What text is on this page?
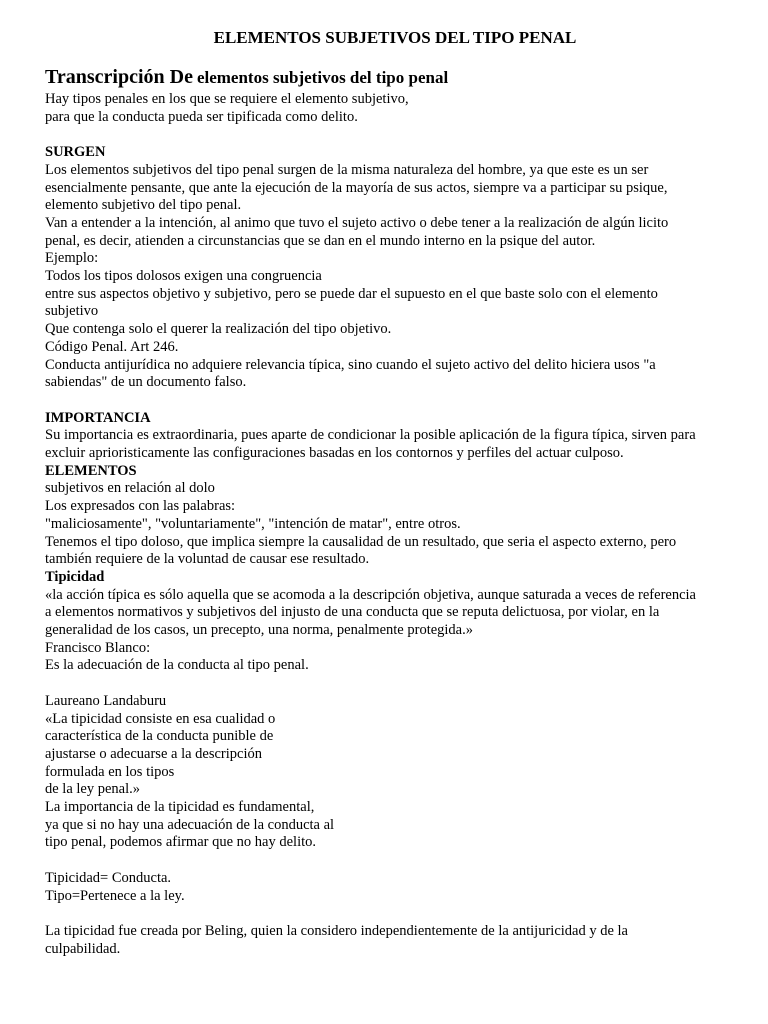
ELEMENTOS SUBJETIVOS DEL TIPO PENAL
Transcripción De elementos subjetivos del tipo penal

Hay tipos penales en los que se requiere el elemento subjetivo,

para que la conducta pueda ser tipificada como delito.

SURGEN

Los elementos subjetivos del tipo penal surgen de la misma naturaleza del hombre, ya que este es un ser

esencialmente pensante, que ante la ejecución de la mayoría de sus actos, siempre va a participar su psique,

elemento subjetivo del tipo penal.

Van a entender a la intención, al animo que tuvo el sujeto activo o debe tener a la realización de algún licito

penal, es decir, atienden a circunstancias que se dan en el mundo interno en la psique del autor.

Ejemplo:

Todos los tipos dolosos exigen una congruencia

entre sus aspectos objetivo y subjetivo, pero se puede dar el supuesto en el que baste solo con el elemento

subjetivo

Que contenga solo el querer la realización del tipo objetivo.

Código Penal. Art 246.

Conducta antijurídica no adquiere relevancia típica, sino cuando el sujeto activo del delito hiciera usos "a

sabiendas" de un documento falso.

IMPORTANCIA

Su importancia es extraordinaria, pues aparte de condicionar la posible aplicación de la figura típica, sirven para

excluir aprioristicamente las configuraciones basadas en los contornos y perfiles del actuar culposo.

ELEMENTOS

subjetivos en relación al dolo

Los expresados con las palabras:

"maliciosamente", "voluntariamente", "intención de matar", entre otros.

Tenemos el tipo doloso, que implica siempre la causalidad de un resultado, que seria el aspecto externo, pero

también requiere de la voluntad de causar ese resultado.

Tipicidad

«la acción típica es sólo aquella que se acomoda a la descripción objetiva, aunque saturada a veces de referencia

a elementos normativos y subjetivos del injusto de una conducta que se reputa delictuosa, por violar, en la

generalidad de los casos, un precepto, una norma, penalmente protegida.»

Francisco Blanco:

Es la adecuación de la conducta al tipo penal.

Laureano Landaburu

«La tipicidad consiste en esa cualidad o

característica de la conducta punible de

ajustarse o adecuarse a la descripción

formulada en los tipos

de la ley penal.»

La importancia de la tipicidad es fundamental,

ya que si no hay una adecuación de la conducta al

tipo penal, podemos afirmar que no hay delito.

Tipicidad= Conducta.

Tipo=Pertenece a la ley.

La tipicidad fue creada por Beling, quien la considero independientemente de la antijuricidad y de la

culpabilidad.
